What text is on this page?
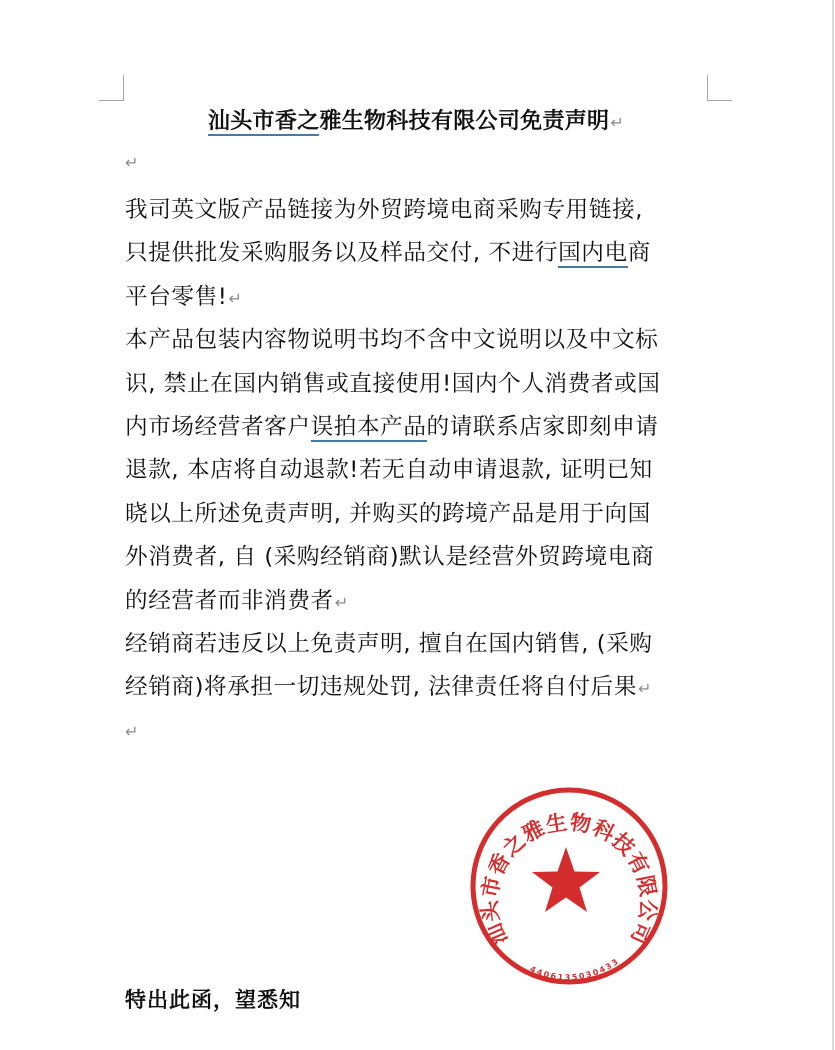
汕头市香之雅生物科技有限公司免责声明↵
↵
我司英文版产品链接为外贸跨境电商采购专用链接,
只提供批发采购服务以及样品交付, 不进行国内电商
平台零售!↵
本产品包装内容物说明书均不含中文说明以及中文标
识, 禁止在国内销售或直接使用!国内个人消费者或国
内市场经营者客户误拍本产品的请联系店家即刻申请
退款, 本店将自动退款!若无自动申请退款, 证明已知
晓以上所述免责声明, 并购买的跨境产品是用于向国
外消费者, 自 (采购经销商)默认是经营外贸跨境电商
的经营者而非消费者↵
经销商若违反以上免责声明, 擅自在国内销售, (采购
经销商)将承担一切违规处罚, 法律责任将自付后果↵
↵
汕头市香之雅生物科技有限公司
4406135030433
特出此函，望悉知
